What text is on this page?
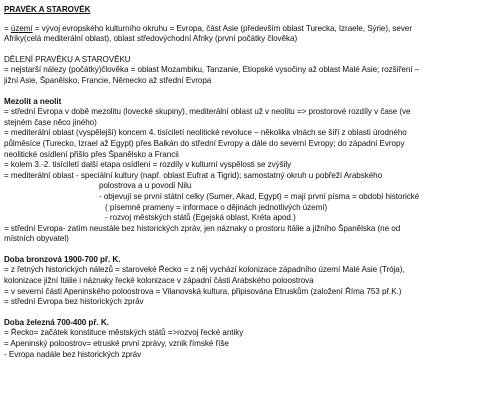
PRAVĚK A STAROVĚK
= území = vývoj evropského kulturního okruhu = Evropa, část Asie (především oblast Turecka, Izraele, Sýrie), sever
Afriky(celá mediterální oblast), oblast středovýchodní Afriky (první počátky člověka)
DĚLENÍ PRAVĚKU A STAROVĚKU
= nejstarší nálezy (počátky)člověka = oblast Mozambiku, Tanzanie, Etiopské vysočiny až oblast Malé Asie; rozšíření –
jižní Asie, Španělsko, Francie, Německo až střední Evropa
Mezolit a neolit
= střední Evropa v době mezolitu (lovecké skupiny), mediterální oblast už v neolitu => prostorové rozdíly v čase (ve
stejném čase něco jiného)
= mediterální oblast (vyspělejší) koncem 4. tisíciletí neolitické revoluce – několika vlnách se šíří z oblasti úrodného
půlměsíce (Turecko, Izrael až Egypt) přes Balkán do střední Evropy a dále do severní Evropy; do západní Evropy
neolitické osídlení přišlo přes Španělsko a Francii
= kolem 3.-2. tisíciletí další etapa osídlení = rozdíly v kulturní vyspělosti se zvýšily
= mediterální oblast - speciální kultury (např. oblast Eufrat a Tigrid); samostatný okruh u pobřeží Arabského
polostrova a u povodí Nilu
- objevují se první státní celky (Sumer, Akad, Egypt) = mají první písma = období historické
( písemné prameny = informace o dějinách jednotlivých území)
- rozvoj městských států (Egejská oblast, Kréta apod.)
= střední Evropa- zatím neustále bez historických zpráv, jen náznaky o prostoru Itálie a jižního Španělska (ne od
místních obyvatel)
Doba bronzová 1900-700 př. K.
= z řetných historických nálezů = staroveké Řecko = z něj vychází kolonizace západního území Malé Asie (Trója),
kolonizace jižní Itálie i náznaky řecké kolonizace v západní části Arabského poloostrova
= v severní části Apeninského poloostrova = Vilanovská kultura, připisována Etruskům (založení Říma 753 př.K.)
= střední Evropa bez historických zpráv
Doba železná 700-400 př. K.
= Řecko= začátek konstituce městských států =>rozvoj řecké antiky
= Apeninský poloostrov= etruské první zprávy, vznik římské říše
- Evropa nadále bez historických zpráv
